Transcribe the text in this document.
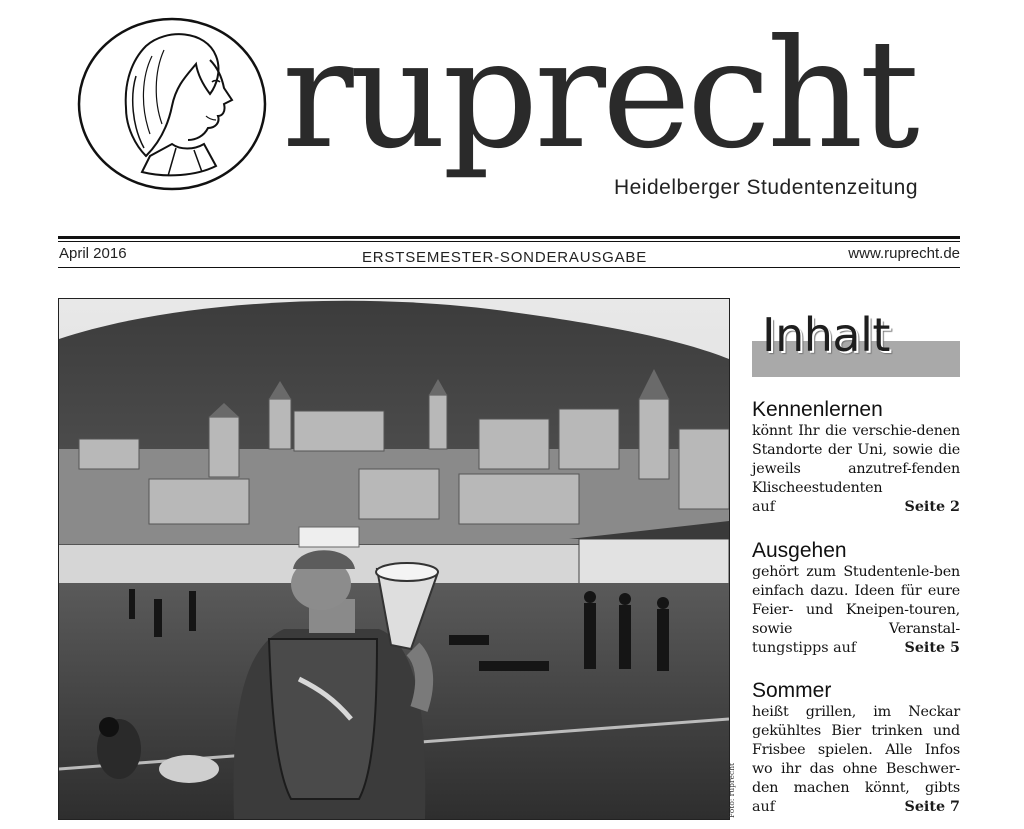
ruprecht
Heidelberger Studentenzeitung
April 2016	ERSTSEMESTER-SONDERAUSGABE	www.ruprecht.de
Foto: ruprecht
Inhalt
Kennenlernen

könnt Ihr die verschie-denen Standorte der Uni, sowie die jeweils anzutref-fenden Klischeestudenten

auf	Seite 2
Ausgehen

gehört zum Studentenle-ben einfach dazu. Ideen für eure Feier- und Kneipen-touren, sowie Veranstal-

tungstipps auf	Seite 5
Sommer

heißt grillen, im Neckar gekühltes Bier trinken und Frisbee spielen. Alle Infos wo ihr das ohne Beschwer-den machen könnt, gibts

auf	Seite 7
